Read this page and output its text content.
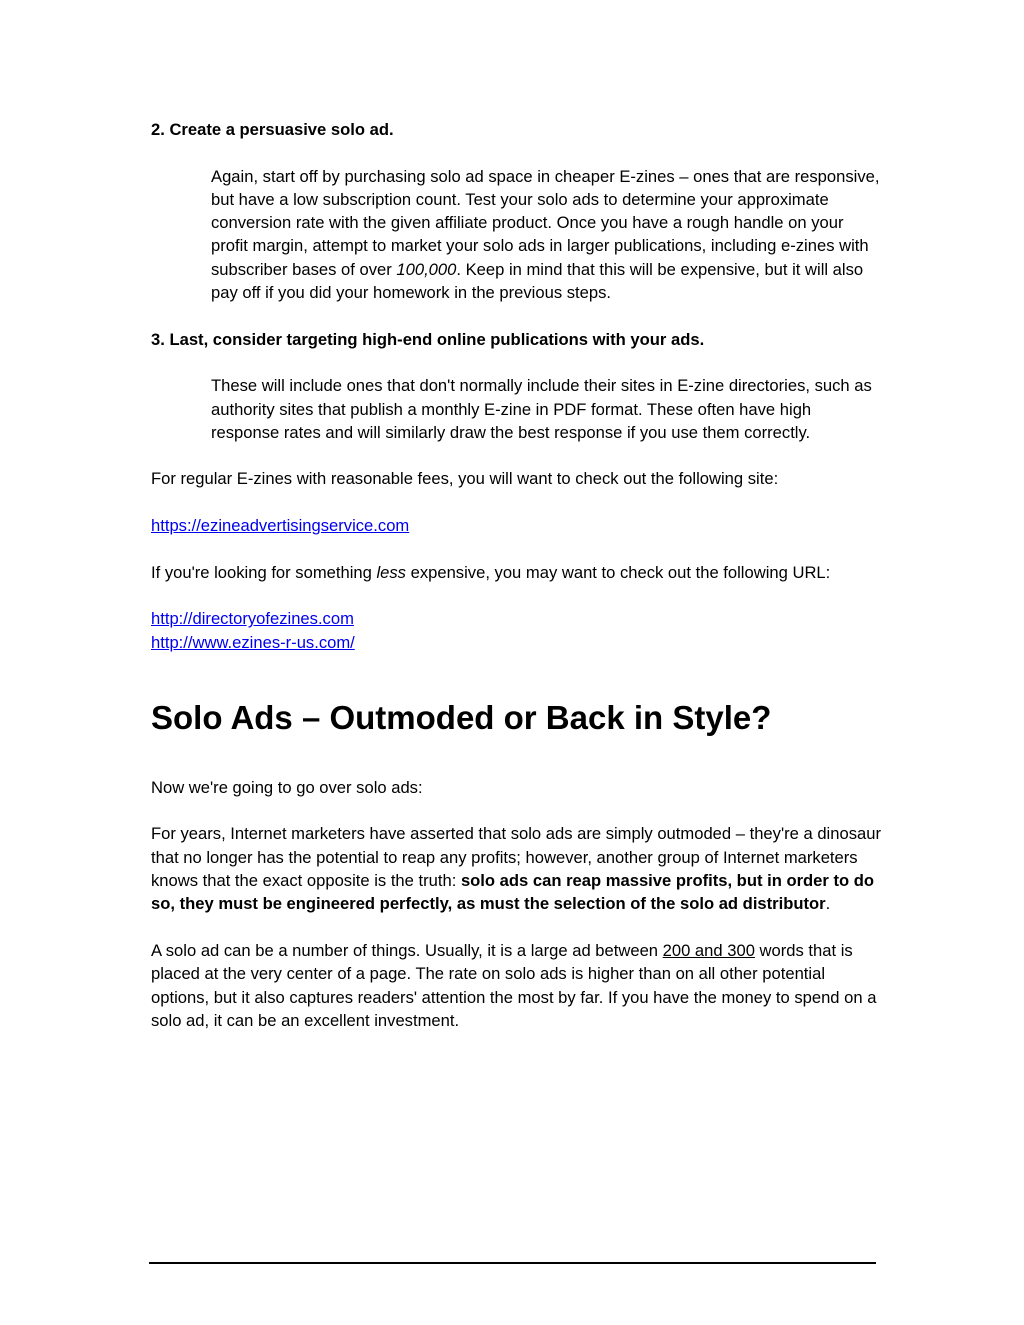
2. Create a persuasive solo ad.

Again, start off by purchasing solo ad space in cheaper E-zines – ones that are responsive, but have a low subscription count. Test your solo ads to determine your approximate conversion rate with the given affiliate product. Once you have a rough handle on your profit margin, attempt to market your solo ads in larger publications, including e-zines with subscriber bases of over 100,000. Keep in mind that this will be expensive, but it will also pay off if you did your homework in the previous steps.

3. Last, consider targeting high-end online publications with your ads.

These will include ones that don't normally include their sites in E-zine directories, such as authority sites that publish a monthly E-zine in PDF format. These often have high response rates and will similarly draw the best response if you use them correctly.

For regular E-zines with reasonable fees, you will want to check out the following site:

https://ezineadvertisingservice.com

If you're looking for something less expensive, you may want to check out the following URL:

http://directoryofezines.com

http://www.ezines-r-us.com/

Solo Ads – Outmoded or Back in Style?

Now we're going to go over solo ads:

For years, Internet marketers have asserted that solo ads are simply outmoded – they're a dinosaur that no longer has the potential to reap any profits; however, another group of Internet marketers knows that the exact opposite is the truth: solo ads can reap massive profits, but in order to do so, they must be engineered perfectly, as must the selection of the solo ad distributor.

A solo ad can be a number of things. Usually, it is a large ad between 200 and 300 words that is placed at the very center of a page. The rate on solo ads is higher than on all other potential options, but it also captures readers' attention the most by far. If you have the money to spend on a solo ad, it can be an excellent investment.
